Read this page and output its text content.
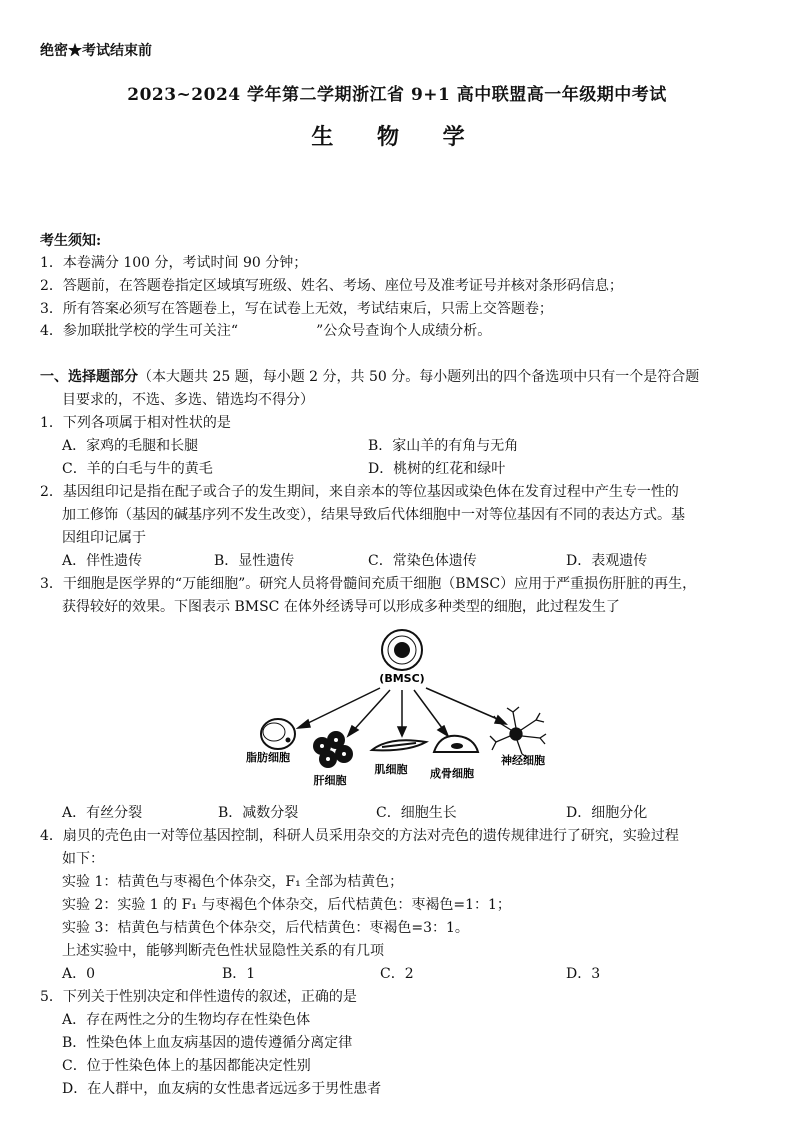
绝密★考试结束前
2023~2024 学年第二学期浙江省 9+1 高中联盟高一年级期中考试
生 物 学
考生须知:
1．本卷满分 100 分，考试时间 90 分钟；
2．答题前，在答题卷指定区域填写班级、姓名、考场、座位号及准考证号并核对条形码信息；
3．所有答案必须写在答题卷上，写在试卷上无效，考试结束后，只需上交答题卷；
4．参加联批学校的学生可关注“	”公众号查询个人成绩分析。
一、选择题部分（本大题共 25 题，每小题 2 分，共 50 分。每小题列出的四个备选项中只有一个是符合题
目要求的，不选、多选、错选均不得分）
1．下列各项属于相对性状的是
A．家鸡的毛腿和长腿	B．家山羊的有角与无角
C．羊的白毛与牛的黄毛	D．桃树的红花和绿叶
2．基因组印记是指在配子或合子的发生期间，来自亲本的等位基因或染色体在发育过程中产生专一性的
加工修饰（基因的碱基序列不发生改变），结果导致后代体细胞中一对等位基因有不同的表达方式。基
因组印记属于
A．伴性遗传	B．显性遗传	C．常染色体遗传	D．表观遗传
3．干细胞是医学界的“万能细胞”。研究人员将骨髓间充质干细胞（BMSC）应用于严重损伤肝脏的再生，
获得较好的效果。下图表示 BMSC 在体外经诱导可以形成多种类型的细胞，此过程发生了
(BMSC)
脂肪细胞
肝细胞
肌细胞 成骨细胞
神经细胞
A．有丝分裂	B．减数分裂	C．细胞生长	D．细胞分化
4．扇贝的壳色由一对等位基因控制，科研人员采用杂交的方法对壳色的遗传规律进行了研究，实验过程
如下：
实验 1：桔黄色与枣褐色个体杂交，F₁ 全部为桔黄色；
实验 2：实验 1 的 F₁ 与枣褐色个体杂交，后代桔黄色：枣褐色=1：1；
实验 3：桔黄色与桔黄色个体杂交，后代桔黄色：枣褐色=3：1。
上述实验中，能够判断壳色性状显隐性关系的有几项
A．0	B．1	C．2	D．3
5．下列关于性别决定和伴性遗传的叙述，正确的是
A．存在两性之分的生物均存在性染色体
B．性染色体上血友病基因的遗传遵循分离定律
C．位于性染色体上的基因都能决定性别
D．在人群中，血友病的女性患者远远多于男性患者
